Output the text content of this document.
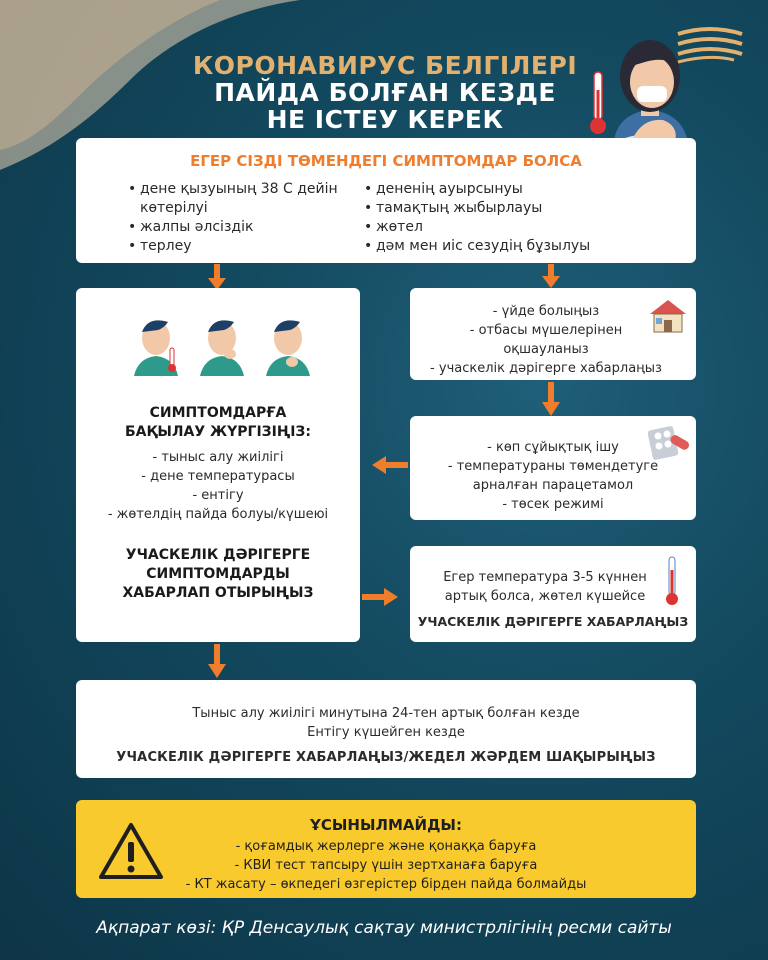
КОРОНАВИРУС БЕЛГІЛЕРІ
ПАЙДА БОЛҒАН КЕЗДЕ
НЕ ІСТЕУ КЕРЕК
ЕГЕР СІЗДІ ТӨМЕНДЕГІ СИМПТОМДАР БОЛСА
• дене қызуының 38 С дейін көтерілуі
• жалпы әлсіздік
• терлеу
• дененің ауырсынуы
• тамақтың жыбырлауы
• жөтел
• дәм мен иіс сезудің бұзылуы
СИМПТОМДАРҒА
БАҚЫЛАУ ЖҮРГІЗІҢІЗ:
- тыныс алу жиілігі
- дене температурасы
- ентігу
- жөтелдің пайда болуы/күшеюі
УЧАСКЕЛІК ДӘРІГЕРГЕ
СИМПТОМДАРДЫ
ХАБАРЛАП ОТЫРЫҢЫЗ
- үйде болыңыз
- отбасы мүшелерінен
оқшауланыз
- учаскелік дәрігерге хабарлаңыз
- көп сұйықтық ішу
- температураны төмендетуге
арналған парацетамол
- төсек режимі
Егер температура 3-5 күннен
артық болса, жөтел күшейсе
УЧАСКЕЛІК ДӘРІГЕРГЕ ХАБАРЛАҢЫЗ
Тыныс алу жиілігі минутына 24-тен артық болған кезде
Ентігу күшейген кезде
УЧАСКЕЛІК ДӘРІГЕРГЕ ХАБАРЛАҢЫЗ/ЖЕДЕЛ ЖӘРДЕМ ШАҚЫРЫҢЫЗ
ҰСЫНЫЛМАЙДЫ:
- қоғамдық жерлерге және қонаққа баруға
- КВИ тест тапсыру үшін зертханаға баруға
- КТ жасату – өкпедегі өзгерістер бірден пайда болмайды
Ақпарат көзі: ҚР Денсаулық сақтау министрлігінің ресми сайты
